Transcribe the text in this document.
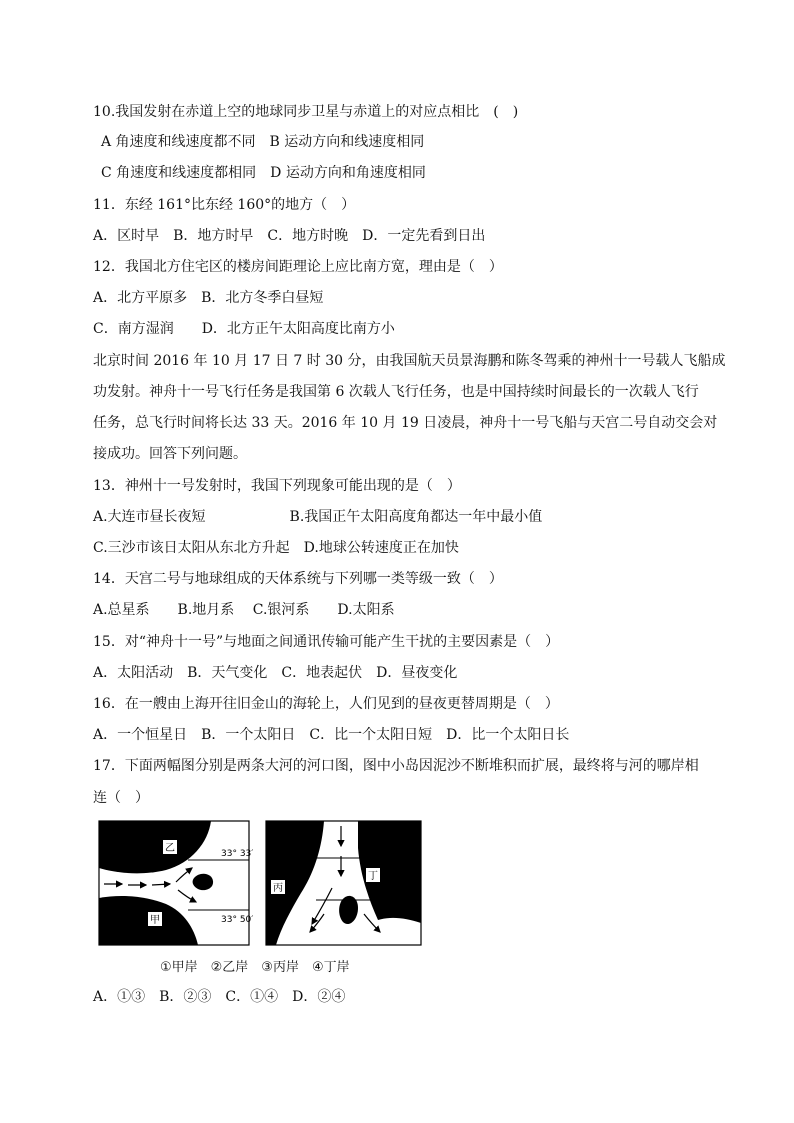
10.我国发射在赤道上空的地球同步卫星与赤道上的对应点相比　(　)
A 角速度和线速度都不同　B 运动方向和线速度相同
C 角速度和线速度都相同　D 运动方向和角速度相同
11．东经 161°比东经 160°的地方（　）
A．区时早　B．地方时早　C．地方时晚　D．一定先看到日出
12．我国北方住宅区的楼房间距理论上应比南方宽，理由是（　）
A．北方平原多　B．北方冬季白昼短
C．南方湿润　　D．北方正午太阳高度比南方小
北京时间 2016 年 10 月 17 日 7 时 30 分，由我国航天员景海鹏和陈冬驾乘的神州十一号载人飞船成
功发射。神舟十一号飞行任务是我国第 6 次载人飞行任务，也是中国持续时间最长的一次载人飞行
任务，总飞行时间将长达 33 天。2016 年 10 月 19 日凌晨，神舟十一号飞船与天宫二号自动交会对
接成功。回答下列问题。
13．神州十一号发射时，我国下列现象可能出现的是（　）
A.大连市昼长夜短　　　　　　B.我国正午太阳高度角都达一年中最小值
C.三沙市该日太阳从东北方升起　D.地球公转速度正在加快
14．天宫二号与地球组成的天体系统与下列哪一类等级一致（　）
A.总星系　　B.地月系　 C.银河系　　D.太阳系
15．对“神舟十一号”与地面之间通讯传输可能产生干扰的主要因素是（　）
A．太阳活动　B．天气变化　C．地表起伏　D．昼夜变化
16．在一艘由上海开往旧金山的海轮上，人们见到的昼夜更替周期是（　）
A．一个恒星日　B．一个太阳日　C．比一个太阳日短　D．比一个太阳日长
17．下面两幅图分别是两条大河的河口图，图中小岛因泥沙不断堆积而扩展，最终将与河的哪岸相
连（　）
乙
甲
33° 33′
33° 50′
丙
丁
33° 50′
33° 33′
①甲岸　②乙岸　③丙岸　④丁岸
A．①③　B．②③　C．①④　D．②④
